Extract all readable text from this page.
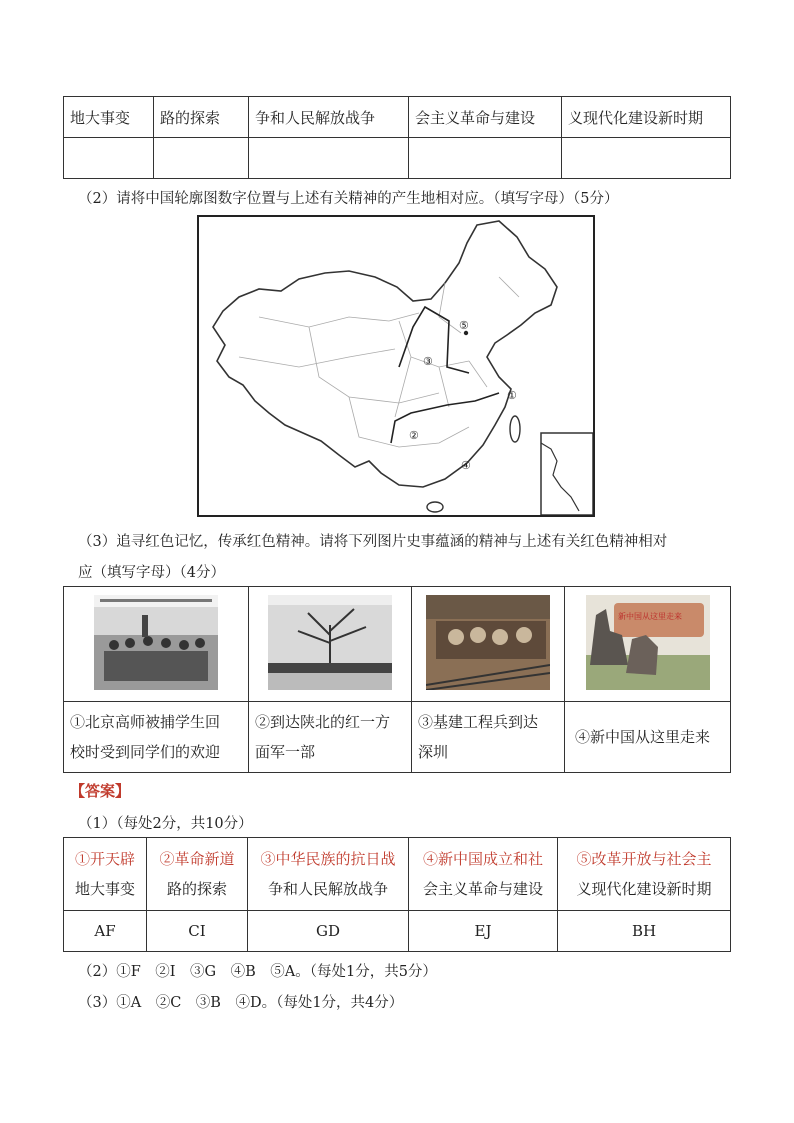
地大事变	路的探索	争和人民解放战争	会主义革命与建设	义现代化建设新时期

（2）请将中国轮廓图数字位置与上述有关精神的产生地相对应。（填写字母）（5分）
⑤
③
①
②
④
（3）追寻红色记忆，传承红色精神。请将下列图片史事蕴涵的精神与上述有关红色精神相对
应（填写字母）（4分）

新中国从这里走来

①北京高师被捕学生回
校时受到同学们的欢迎	②到达陕北的红一方
面军一部	③基建工程兵到达
深圳	④新中国从这里走来
【答案】
（1）（每处2分，共10分）
①开天辟
地大事变	②革命新道
路的探索	③中华民族的抗日战
争和人民解放战争	④新中国成立和社
会主义革命与建设	⑤改革开放与社会主
义现代化建设新时期
AF	CI	GD	EJ	BH
（2）①F　②I　③G　④B　⑤A。（每处1分，共5分）
（3）①A　②C　③B　④D。（每处1分，共4分）
